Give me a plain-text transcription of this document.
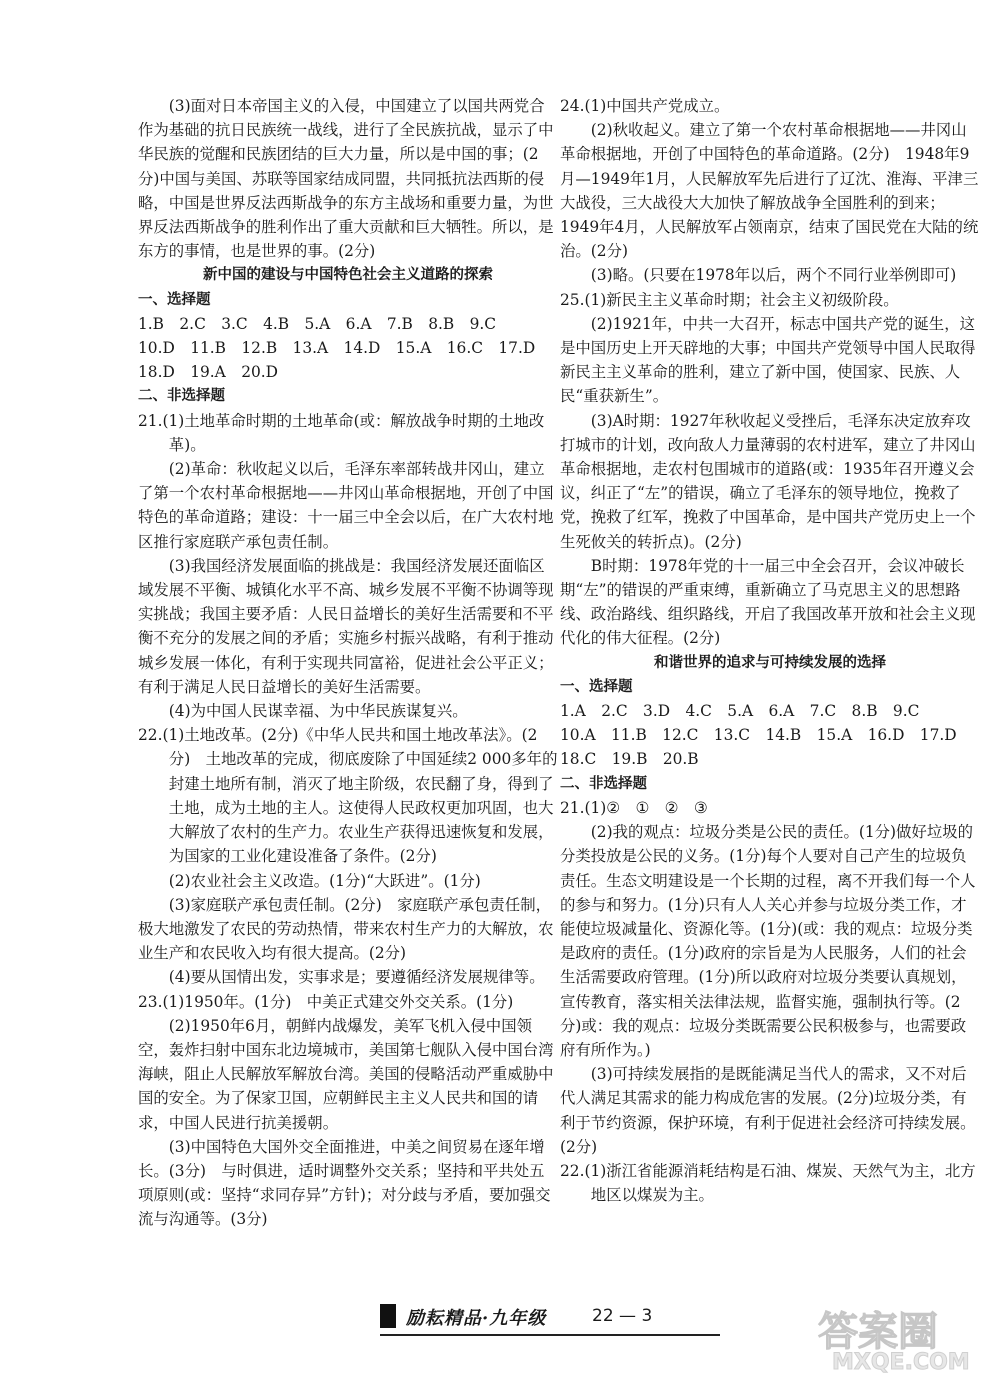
(3)面对日本帝国主义的入侵，中国建立了以国共两党合作为基础的抗日民族统一战线，进行了全民族抗战，显示了中华民族的觉醒和民族团结的巨大力量，所以是中国的事；(2分)中国与美国、苏联等国家结成同盟，共同抵抗法西斯的侵略，中国是世界反法西斯战争的东方主战场和重要力量，为世界反法西斯战争的胜利作出了重大贡献和巨大牺牲。所以，是东方的事情，也是世界的事。(2分)

新中国的建设与中国特色社会主义道路的探索

一、选择题

1.B　2.C　3.C　4.B　5.A　6.A　7.B　8.B　9.C

10.D　11.B　12.B　13.A　14.D　15.A　16.C　17.D

18.D　19.A　20.D

二、非选择题

21.(1)土地革命时期的土地革命(或：解放战争时期的土地改革)。

(2)革命：秋收起义以后，毛泽东率部转战井冈山，建立了第一个农村革命根据地——井冈山革命根据地，开创了中国特色的革命道路；建设：十一届三中全会以后，在广大农村地区推行家庭联产承包责任制。

(3)我国经济发展面临的挑战是：我国经济发展还面临区域发展不平衡、城镇化水平不高、城乡发展不平衡不协调等现实挑战；我国主要矛盾：人民日益增长的美好生活需要和不平衡不充分的发展之间的矛盾；实施乡村振兴战略，有利于推动城乡发展一体化，有利于实现共同富裕，促进社会公平正义；有利于满足人民日益增长的美好生活需要。

(4)为中国人民谋幸福、为中华民族谋复兴。

22.(1)土地改革。(2分)《中华人民共和国土地改革法》。(2分)　土地改革的完成，彻底废除了中国延续2 000多年的封建土地所有制，消灭了地主阶级，农民翻了身，得到了土地，成为土地的主人。这使得人民政权更加巩固，也大大解放了农村的生产力。农业生产获得迅速恢复和发展，为国家的工业化建设准备了条件。(2分)

(2)农业社会主义改造。(1分)“大跃进”。(1分)

(3)家庭联产承包责任制。(2分)　家庭联产承包责任制，极大地激发了农民的劳动热情，带来农村生产力的大解放，农业生产和农民收入均有很大提高。(2分)

(4)要从国情出发，实事求是；要遵循经济发展规律等。

23.(1)1950年。(1分)　中美正式建交外交关系。(1分)

(2)1950年6月，朝鲜内战爆发，美军飞机入侵中国领空，轰炸扫射中国东北边境城市，美国第七舰队入侵中国台湾海峡，阻止人民解放军解放台湾。美国的侵略活动严重威胁中国的安全。为了保家卫国，应朝鲜民主主义人民共和国的请求，中国人民进行抗美援朝。

(3)中国特色大国外交全面推进，中美之间贸易在逐年增长。(3分)　与时俱进，适时调整外交关系；坚持和平共处五项原则(或：坚持“求同存异”方针)；对分歧与矛盾，要加强交流与沟通等。(3分)

24.(1)中国共产党成立。

(2)秋收起义。建立了第一个农村革命根据地——井冈山革命根据地，开创了中国特色的革命道路。(2分)　1948年9月—1949年1月，人民解放军先后进行了辽沈、淮海、平津三大战役，三大战役大大加快了解放战争全国胜利的到来；1949年4月，人民解放军占领南京，结束了国民党在大陆的统治。(2分)

(3)略。(只要在1978年以后，两个不同行业举例即可)

25.(1)新民主主义革命时期；社会主义初级阶段。

(2)1921年，中共一大召开，标志中国共产党的诞生，这是中国历史上开天辟地的大事；中国共产党领导中国人民取得新民主主义革命的胜利，建立了新中国，使国家、民族、人民“重获新生”。

(3)A时期：1927年秋收起义受挫后，毛泽东决定放弃攻打城市的计划，改向敌人力量薄弱的农村进军，建立了井冈山革命根据地，走农村包围城市的道路(或：1935年召开遵义会议，纠正了“左”的错误，确立了毛泽东的领导地位，挽救了党，挽救了红军，挽救了中国革命，是中国共产党历史上一个生死攸关的转折点)。(2分)

B时期：1978年党的十一届三中全会召开，会议冲破长期“左”的错误的严重束缚，重新确立了马克思主义的思想路线、政治路线、组织路线，开启了我国改革开放和社会主义现代化的伟大征程。(2分)

和谐世界的追求与可持续发展的选择

一、选择题

1.A　2.C　3.D　4.C　5.A　6.A　7.C　8.B　9.C

10.A　11.B　12.C　13.C　14.B　15.A　16.D　17.D

18.C　19.B　20.B

二、非选择题

21.(1)②　①　②　③

(2)我的观点：垃圾分类是公民的责任。(1分)做好垃圾的分类投放是公民的义务。(1分)每个人要对自己产生的垃圾负责任。生态文明建设是一个长期的过程，离不开我们每一个人的参与和努力。(1分)只有人人关心并参与垃圾分类工作，才能使垃圾减量化、资源化等。(1分)(或：我的观点：垃圾分类是政府的责任。(1分)政府的宗旨是为人民服务，人们的社会生活需要政府管理。(1分)所以政府对垃圾分类要认真规划，宣传教育，落实相关法律法规，监督实施，强制执行等。(2分)或：我的观点：垃圾分类既需要公民积极参与，也需要政府有所作为。)

(3)可持续发展指的是既能满足当代人的需求，又不对后代人满足其需求的能力构成危害的发展。(2分)垃圾分类，有利于节约资源，保护环境，有利于促进社会经济可持续发展。(2分)

22.(1)浙江省能源消耗结构是石油、煤炭、天然气为主，北方地区以煤炭为主。

励耘精品·九年级	22 — 3	答案圈
MXQE.COM
